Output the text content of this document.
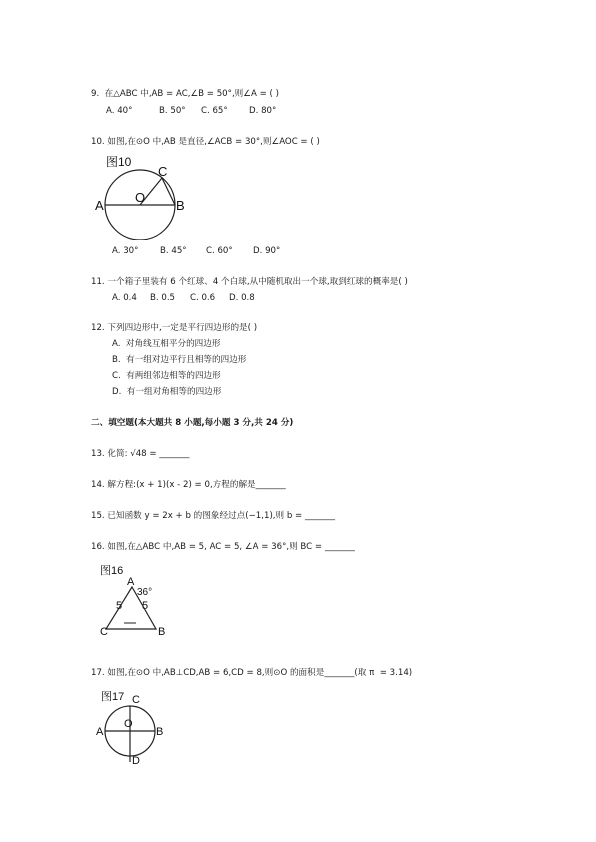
9.  在△ABC 中,AB = AC,∠B = 50°,则∠A = ( )
A. 40°	B. 50° C. 65° D. 80°
10. 如图,在⊙O 中,AB 是直径,∠ACB = 30°,则∠AOC = ( )
图10
A	B
C
O
A. 30°	B. 45° C. 60° D. 90°
11. 一个箱子里装有 6 个红球、4 个白球,从中随机取出一个球,取到红球的概率是( )
A. 0.4 B. 0.5 C. 0.6 D. 0.8
12. 下列四边形中,一定是平行四边形的是( )
A.  对角线互相平分的四边形
B.  有一组对边平行且相等的四边形
C.  有两组邻边相等的四边形
D.  有一组对角相等的四边形
二、填空题(本大题共 8 小题,每小题 3 分,共 24 分)
13. 化简: √48 = _______
14. 解方程:(x + 1)(x - 2) = 0,方程的解是_______
15. 已知函数 y = 2x + b 的图象经过点(−1,1),则 b = _______
16. 如图,在△ABC 中,AB = 5, AC = 5, ∠A = 36°,则 BC = _______
图16
A
36°
5 5
C	B
17. 如图,在⊙O 中,AB⊥CD,AB = 6,CD = 8,则⊙O 的面积是_______(取 π  = 3.14)
图17
A	B
C
D
O
